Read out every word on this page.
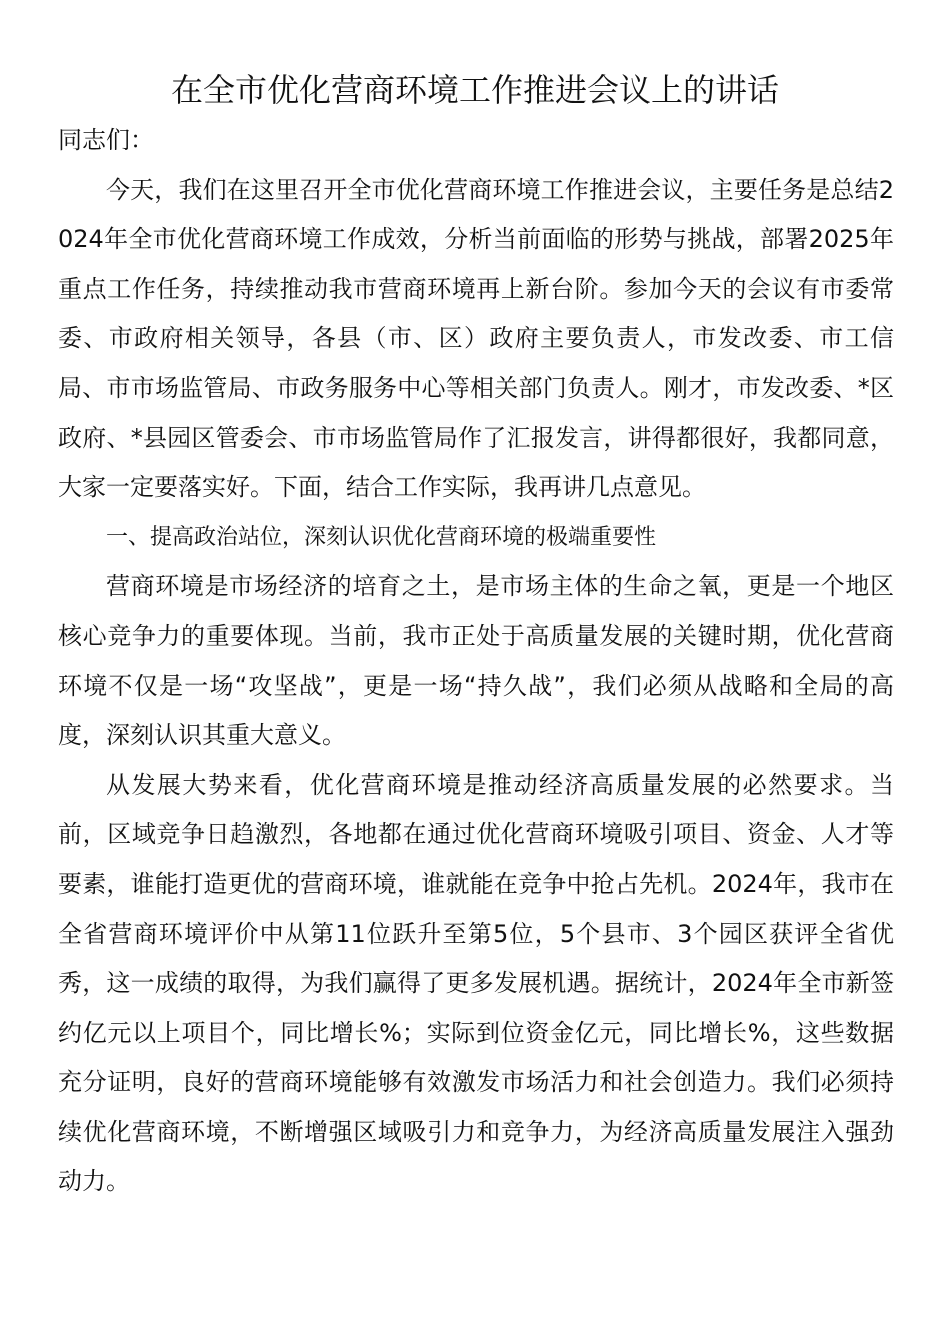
在全市优化营商环境工作推进会议上的讲话

同志们：

今天，我们在这里召开全市优化营商环境工作推进会议，主要任务是总结2024年全市优化营商环境工作成效，分析当前面临的形势与挑战，部署2025年重点工作任务，持续推动我市营商环境再上新台阶。参加今天的会议有市委常委、市政府相关领导，各县（市、区）政府主要负责人，市发改委、市工信局、市市场监管局、市政务服务中心等相关部门负责人。刚才，市发改委、*区政府、*县园区管委会、市市场监管局作了汇报发言，讲得都很好，我都同意，大家一定要落实好。下面，结合工作实际，我再讲几点意见。

一、提高政治站位，深刻认识优化营商环境的极端重要性

营商环境是市场经济的培育之土，是市场主体的生命之氧，更是一个地区核心竞争力的重要体现。当前，我市正处于高质量发展的关键时期，优化营商环境不仅是一场“攻坚战”，更是一场“持久战”，我们必须从战略和全局的高度，深刻认识其重大意义。

从发展大势来看，优化营商环境是推动经济高质量发展的必然要求。当前，区域竞争日趋激烈，各地都在通过优化营商环境吸引项目、资金、人才等要素，谁能打造更优的营商环境，谁就能在竞争中抢占先机。2024年，我市在全省营商环境评价中从第11位跃升至第5位，5个县市、3个园区获评全省优秀，这一成绩的取得，为我们赢得了更多发展机遇。据统计，2024年全市新签约亿元以上项目个，同比增长%；实际到位资金亿元，同比增长%，这些数据充分证明，良好的营商环境能够有效激发市场活力和社会创造力。我们必须持续优化营商环境，不断增强区域吸引力和竞争力，为经济高质量发展注入强劲动力。
